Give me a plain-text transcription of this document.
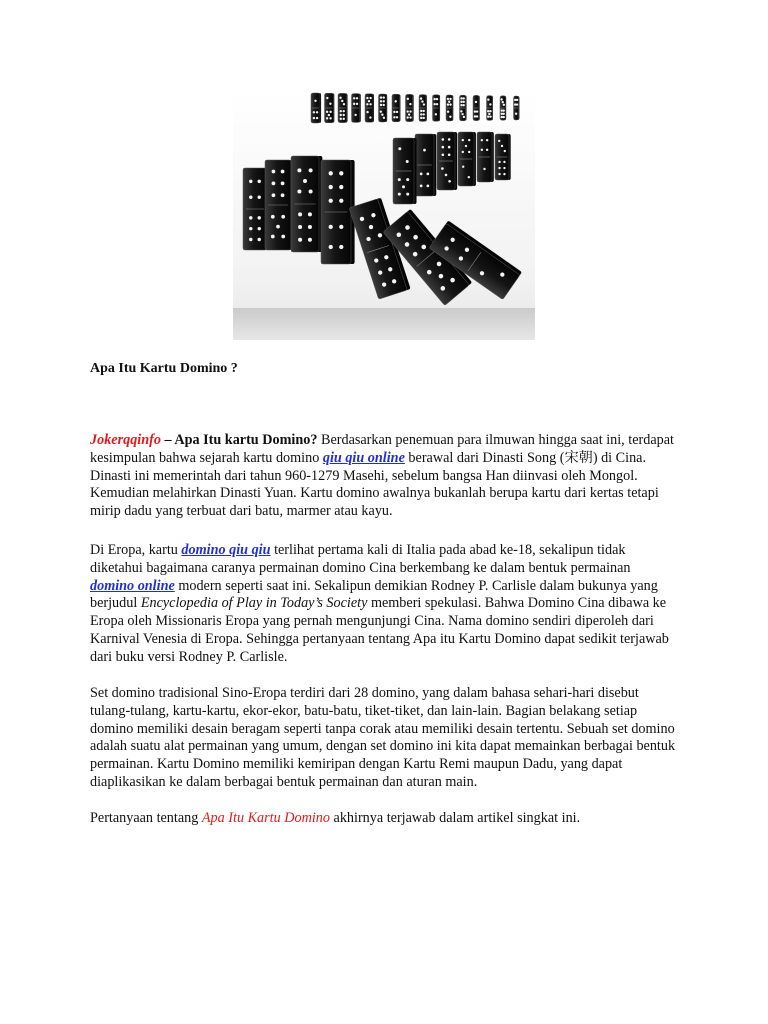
Apa Itu Kartu Domino ?

Jokerqqinfo – Apa Itu kartu Domino? Berdasarkan penemuan para ilmuwan hingga saat ini, terdapat kesimpulan bahwa sejarah kartu domino qiu qiu online berawal dari Dinasti Song (宋朝) di Cina. Dinasti ini memerintah dari tahun 960-1279 Masehi, sebelum bangsa Han diinvasi oleh Mongol. Kemudian melahirkan Dinasti Yuan. Kartu domino awalnya bukanlah berupa kartu dari kertas tetapi mirip dadu yang terbuat dari batu, marmer atau kayu.

Di Eropa, kartu domino qiu qiu terlihat pertama kali di Italia pada abad ke-18, sekalipun tidak diketahui bagaimana caranya permainan domino Cina berkembang ke dalam bentuk permainan domino online modern seperti saat ini. Sekalipun demikian Rodney P. Carlisle dalam bukunya yang berjudul Encyclopedia of Play in Today’s Society memberi spekulasi. Bahwa Domino Cina dibawa ke Eropa oleh Missionaris Eropa yang pernah mengunjungi Cina. Nama domino sendiri diperoleh dari Karnival Venesia di Eropa. Sehingga pertanyaan tentang Apa itu Kartu Domino dapat sedikit terjawab dari buku versi Rodney P. Carlisle.

Set domino tradisional Sino-Eropa terdiri dari 28 domino, yang dalam bahasa sehari-hari disebut tulang-tulang, kartu-kartu, ekor-ekor, batu-batu, tiket-tiket, dan lain-lain. Bagian belakang setiap domino memiliki desain beragam seperti tanpa corak atau memiliki desain tertentu. Sebuah set domino adalah suatu alat permainan yang umum, dengan set domino ini kita dapat memainkan berbagai bentuk permainan. Kartu Domino memiliki kemiripan dengan Kartu Remi maupun Dadu, yang dapat diaplikasikan ke dalam berbagai bentuk permainan dan aturan main.

Pertanyaan tentang Apa Itu Kartu Domino akhirnya terjawab dalam artikel singkat ini.
